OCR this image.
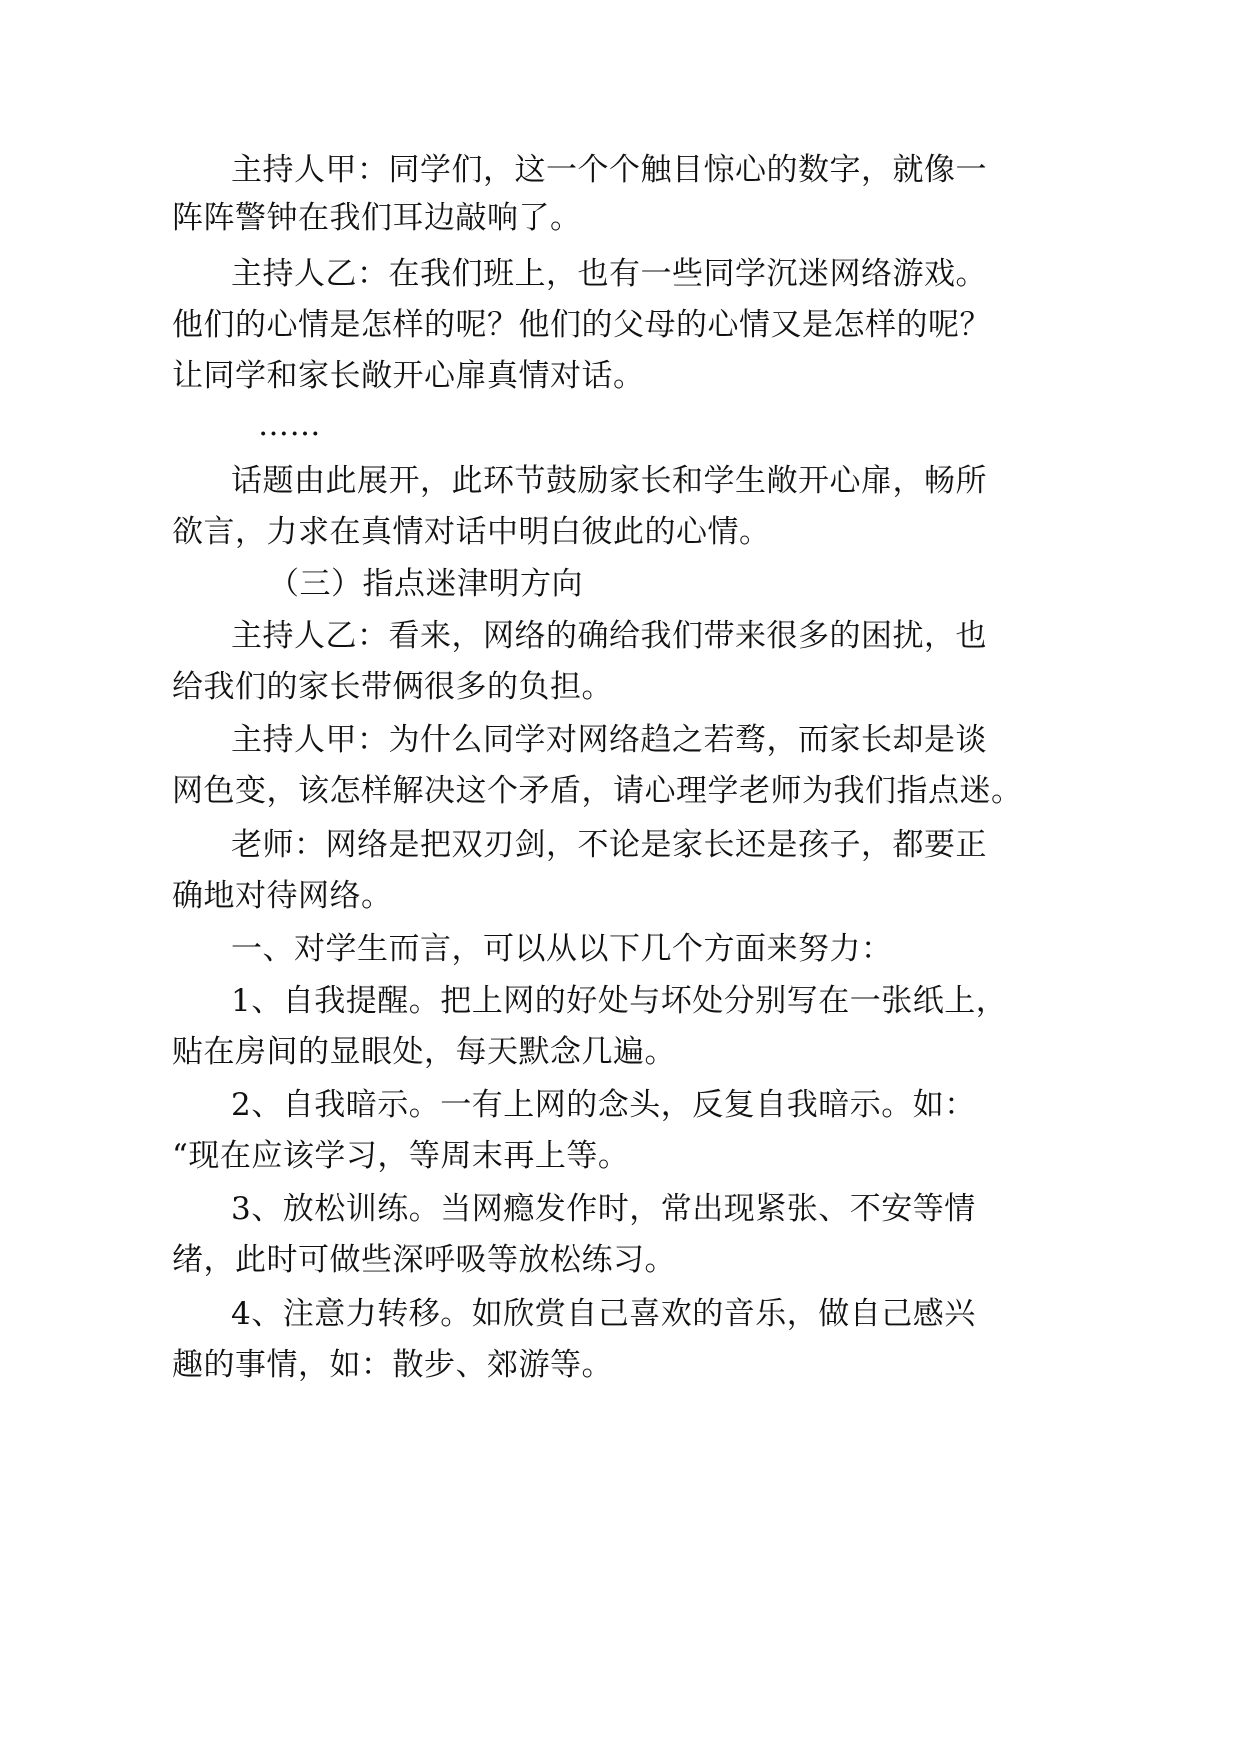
主持人甲：同学们，这一个个触目惊心的数字，就像一
阵阵警钟在我们耳边敲响了。
主持人乙：在我们班上，也有一些同学沉迷网络游戏。
他们的心情是怎样的呢？他们的父母的心情又是怎样的呢？
让同学和家长敞开心扉真情对话。
……
话题由此展开，此环节鼓励家长和学生敞开心扉，畅所
欲言，力求在真情对话中明白彼此的心情。
（三）指点迷津明方向
主持人乙：看来，网络的确给我们带来很多的困扰，也
给我们的家长带俩很多的负担。
主持人甲：为什么同学对网络趋之若骛，而家长却是谈
网色变，该怎样解决这个矛盾，请心理学老师为我们指点迷。
老师：网络是把双刃剑，不论是家长还是孩子，都要正
确地对待网络。
一、对学生而言，可以从以下几个方面来努力：
1、自我提醒。把上网的好处与坏处分别写在一张纸上，
贴在房间的显眼处，每天默念几遍。
2、自我暗示。一有上网的念头，反复自我暗示。如：
“现在应该学习，等周末再上等。
3、放松训练。当网瘾发作时，常出现紧张、不安等情
绪，此时可做些深呼吸等放松练习。
4、注意力转移。如欣赏自己喜欢的音乐，做自己感兴
趣的事情，如：散步、郊游等。
